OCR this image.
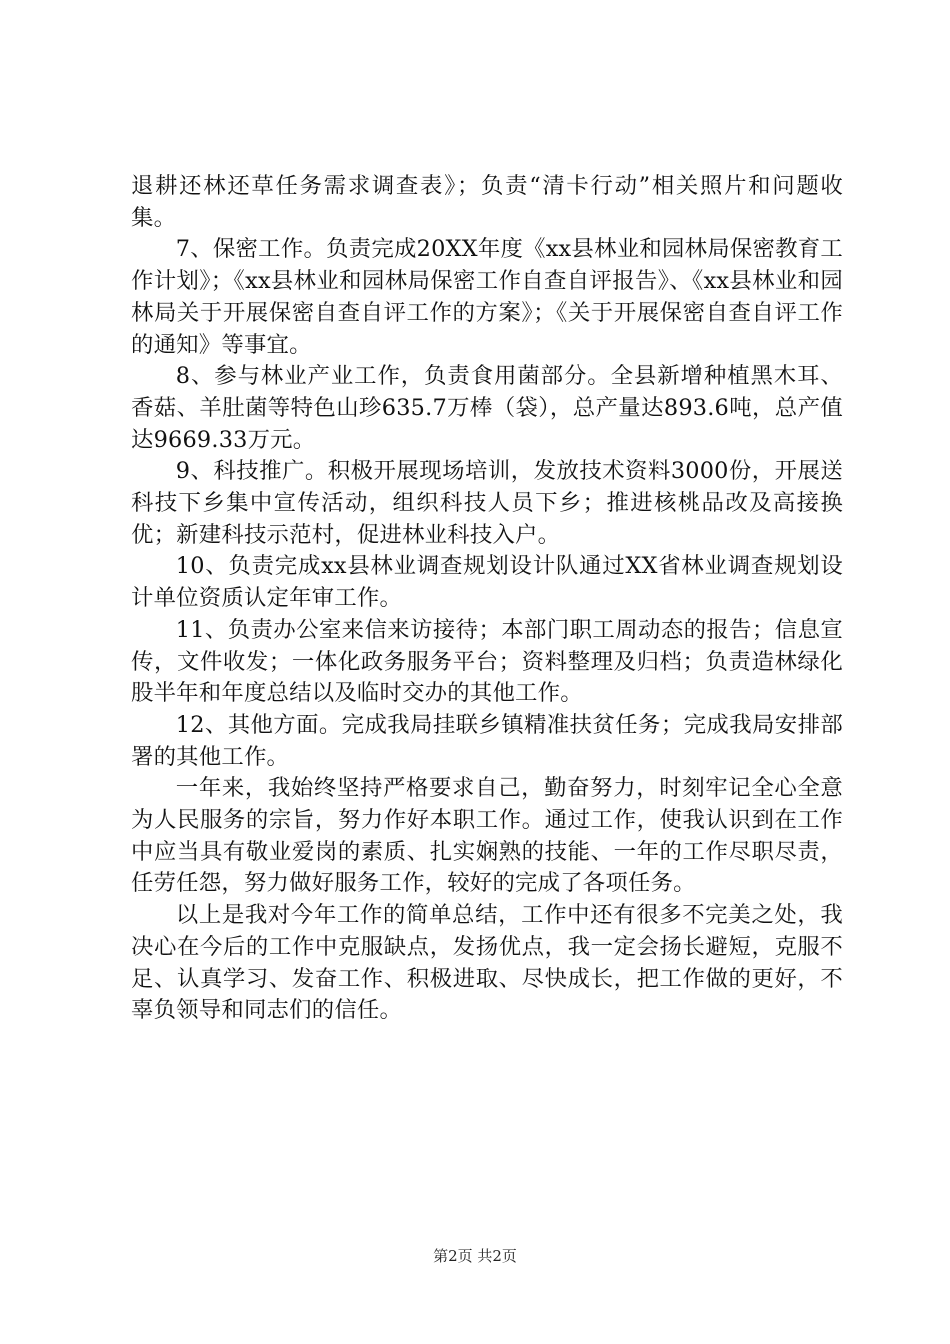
退耕还林还草任务需求调查表》；负责“清卡行动”相关照片和问题收集。

7、保密工作。负责完成20XX年度《xx县林业和园林局保密教育工作计划》；《xx县林业和园林局保密工作自查自评报告》、《xx县林业和园林局关于开展保密自查自评工作的方案》；《关于开展保密自查自评工作的通知》等事宜。

8、参与林业产业工作，负责食用菌部分。全县新增种植黑木耳、香菇、羊肚菌等特色山珍635.7万棒（袋），总产量达893.6吨，总产值达9669.33万元。

9、科技推广。积极开展现场培训，发放技术资料3000份，开展送科技下乡集中宣传活动，组织科技人员下乡；推进核桃品改及高接换优；新建科技示范村，促进林业科技入户。

10、负责完成xx县林业调查规划设计队通过XX省林业调查规划设计单位资质认定年审工作。

11、负责办公室来信来访接待；本部门职工周动态的报告；信息宣传，文件收发；一体化政务服务平台；资料整理及归档；负责造林绿化股半年和年度总结以及临时交办的其他工作。

12、其他方面。完成我局挂联乡镇精准扶贫任务；完成我局安排部署的其他工作。

一年来，我始终坚持严格要求自己，勤奋努力，时刻牢记全心全意为人民服务的宗旨，努力作好本职工作。通过工作，使我认识到在工作中应当具有敬业爱岗的素质、扎实娴熟的技能、一年的工作尽职尽责，任劳任怨，努力做好服务工作，较好的完成了各项任务。

以上是我对今年工作的简单总结，工作中还有很多不完美之处，我决心在今后的工作中克服缺点，发扬优点，我一定会扬长避短，克服不足、认真学习、发奋工作、积极进取、尽快成长，把工作做的更好，不辜负领导和同志们的信任。

第2页 共2页
